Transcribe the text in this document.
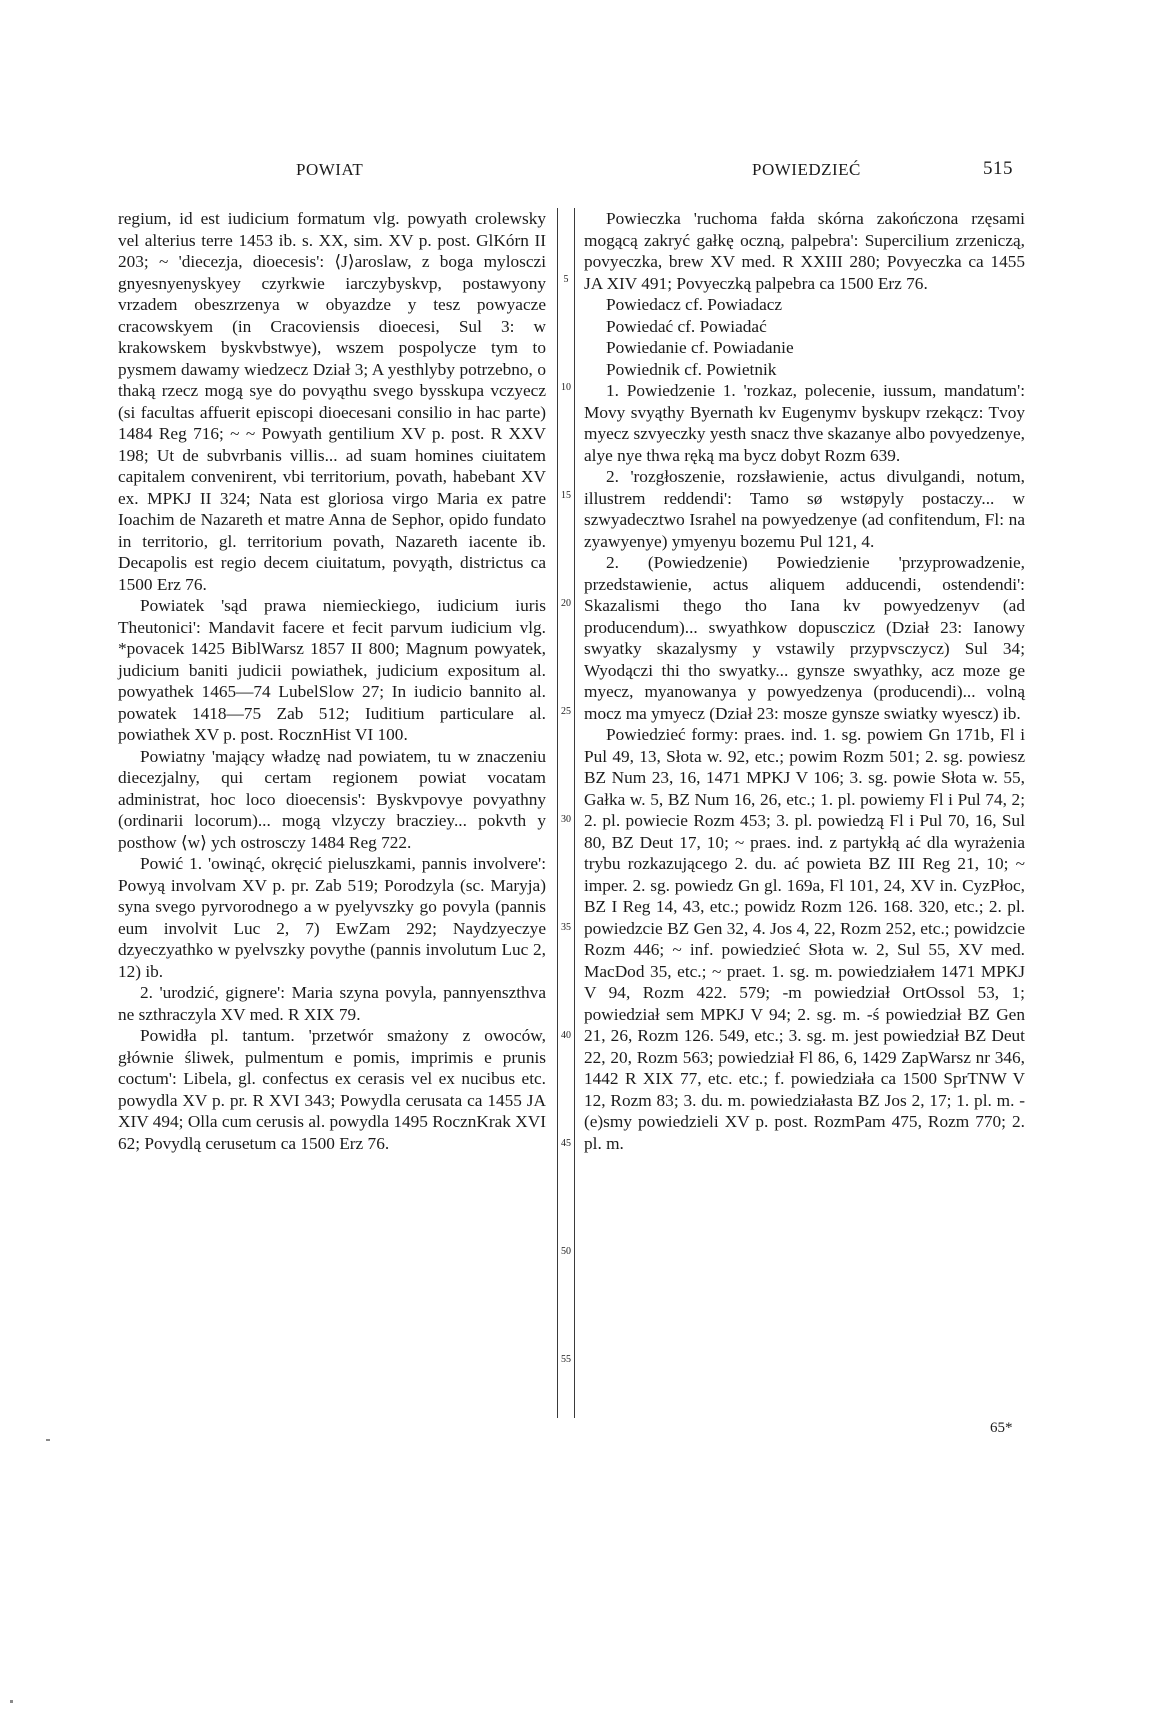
POWIAT	POWIEDZIEĆ	515

regium, id est iudicium formatum vlg. powyath crolewsky vel alterius terre 1453 ib. s. XX, sim. XV p. post. GlKórn II 203; ~ 'diecezja, dioecesis': ⟨J⟩aroslaw, z boga mylosczi gnyesnyenyskyey czyrkwie iarczybyskvp, postawyony vrzadem obeszrzenya w obyazdze y tesz powyacze cracowskyem (in Cracoviensis dioecesi, Sul 3: w krakowskem byskvbstwye), wszem pospolycze tym to pysmem dawamy wiedzecz Dział 3; A yesthlyby potrzebno, o thaką rzecz mogą sye do povyąthu svego bysskupa vczyecz (si facultas affuerit episcopi dioecesani consilio in hac parte) 1484 Reg 716; ~ ~ Powyath gentilium XV p. post. R XXV 198; Ut de subvrbanis villis... ad suam homines ciuitatem capitalem convenirent, vbi territorium, povath, habebant XV ex. MPKJ II 324; Nata est gloriosa virgo Maria ex patre Ioachim de Nazareth et matre Anna de Sephor, opido fundato in territorio, gl. territorium povath, Nazareth iacente ib. Decapolis est regio decem ciuitatum, povyąth, districtus ca 1500 Erz 76.

Powiatek 'sąd prawa niemieckiego, iudicium iuris Theutonici': Mandavit facere et fecit parvum iudicium vlg. *povacek 1425 BiblWarsz 1857 II 800; Magnum powyatek, judicium baniti judicii powiathek, judicium expositum al. powyathek 1465—74 LubelSlow 27; In iudicio bannito al. powatek 1418—75 Zab 512; Iuditium particulare al. powiathek XV p. post. RocznHist VI 100.

Powiatny 'mający władzę nad powiatem, tu w znaczeniu diecezjalny, qui certam regionem powiat vocatam administrat, hoc loco dioecensis': Byskvpovye povyathny (ordinarii locorum)... mogą vlzyczy bracziey... pokvth y posthow ⟨w⟩ ych ostrosczy 1484 Reg 722.

Powić 1. 'owinąć, okręcić pieluszkami, pannis involvere': Powyą involvam XV p. pr. Zab 519; Porodzyla (sc. Maryja) syna svego pyrvorodnego a w pyelyvszky go povyla (pannis eum involvit Luc 2, 7) EwZam 292; Naydzyeczye dzyeczyathko w pyelvszky povythe (pannis involutum Luc 2, 12) ib.

2. 'urodzić, gignere': Maria szyna povyla, pannyenszthva ne szthraczyla XV med. R XIX 79.

Powidła pl. tantum. 'przetwór smażony z owoców, głównie śliwek, pulmentum e pomis, imprimis e prunis coctum': Libela, gl. confectus ex cerasis vel ex nucibus etc. powydla XV p. pr. R XVI 343; Powydla cerusata ca 1455 JA XIV 494; Olla cum cerusis al. powydla 1495 RocznKrak XVI 62; Povydlą cerusetum ca 1500 Erz 76.

5
10
15
20
25
30
35
40
45
50
55

Powieczka 'ruchoma fałda skórna zakończona rzęsami mogącą zakryć gałkę oczną, palpebra': Supercilium zrzeniczą, povyeczka, brew XV med. R XXIII 280; Povyeczka ca 1455 JA XIV 491; Povyeczką palpebra ca 1500 Erz 76.

Powiedacz cf. Powiadacz

Powiedać cf. Powiadać

Powiedanie cf. Powiadanie

Powiednik cf. Powietnik

1. Powiedzenie 1. 'rozkaz, polecenie, iussum, mandatum': Movy svyąthy Byernath kv Eugenymv byskupv rzekącz: Tvoy myecz szvyeczky yesth snacz thve skazanye albo povyedzenye, alye nye thwa ręką ma bycz dobyt Rozm 639.

2. 'rozgłoszenie, rozsławienie, actus divulgandi, notum, illustrem reddendi': Tamo sø wstøpyly postaczy... w szwyadecztwo Israhel na powyedzenye (ad confitendum, Fl: na zyawyenye) ymyenyu bozemu Pul 121, 4.

2. (Powiedzenie) Powiedzienie 'przyprowadzenie, przedstawienie, actus aliquem adducendi, ostendendi': Skazalismi thego tho Iana kv powyedzenyv (ad producendum)... swyathkow dopusczicz (Dział 23: Ianowy swyatky skazalysmy y vstawily przypvsczycz) Sul 34; Wyodączi thi tho swyatky... gynsze swyathky, acz moze ge myecz, myanowanya y powyedzenya (producendi)... volną mocz ma ymyecz (Dział 23: mosze gynsze swiatky wyescz) ib.

Powiedzieć formy: praes. ind. 1. sg. powiem Gn 171b, Fl i Pul 49, 13, Słota w. 92, etc.; powim Rozm 501; 2. sg. powiesz BZ Num 23, 16, 1471 MPKJ V 106; 3. sg. powie Słota w. 55, Gałka w. 5, BZ Num 16, 26, etc.; 1. pl. powiemy Fl i Pul 74, 2; 2. pl. powiecie Rozm 453; 3. pl. powiedzą Fl i Pul 70, 16, Sul 80, BZ Deut 17, 10; ~ praes. ind. z partykłą ać dla wyrażenia trybu rozkazującego 2. du. ać powieta BZ III Reg 21, 10; ~ imper. 2. sg. powiedz Gn gl. 169a, Fl 101, 24, XV in. CyzPłoc, BZ I Reg 14, 43, etc.; powidz Rozm 126. 168. 320, etc.; 2. pl. powiedzcie BZ Gen 32, 4. Jos 4, 22, Rozm 252, etc.; powidzcie Rozm 446; ~ inf. powiedzieć Słota w. 2, Sul 55, XV med. MacDod 35, etc.; ~ praet. 1. sg. m. powiedziałem 1471 MPKJ V 94, Rozm 422. 579; -m powiedział OrtOssol 53, 1; powiedział sem MPKJ V 94; 2. sg. m. -ś powiedział BZ Gen 21, 26, Rozm 126. 549, etc.; 3. sg. m. jest powiedział BZ Deut 22, 20, Rozm 563; powiedział Fl 86, 6, 1429 ZapWarsz nr 346, 1442 R XIX 77, etc. etc.; f. powiedziała ca 1500 SprTNW V 12, Rozm 83; 3. du. m. powiedziałasta BZ Jos 2, 17; 1. pl. m. -(e)smy powiedzieli XV p. post. RozmPam 475, Rozm 770; 2. pl. m.

65*
